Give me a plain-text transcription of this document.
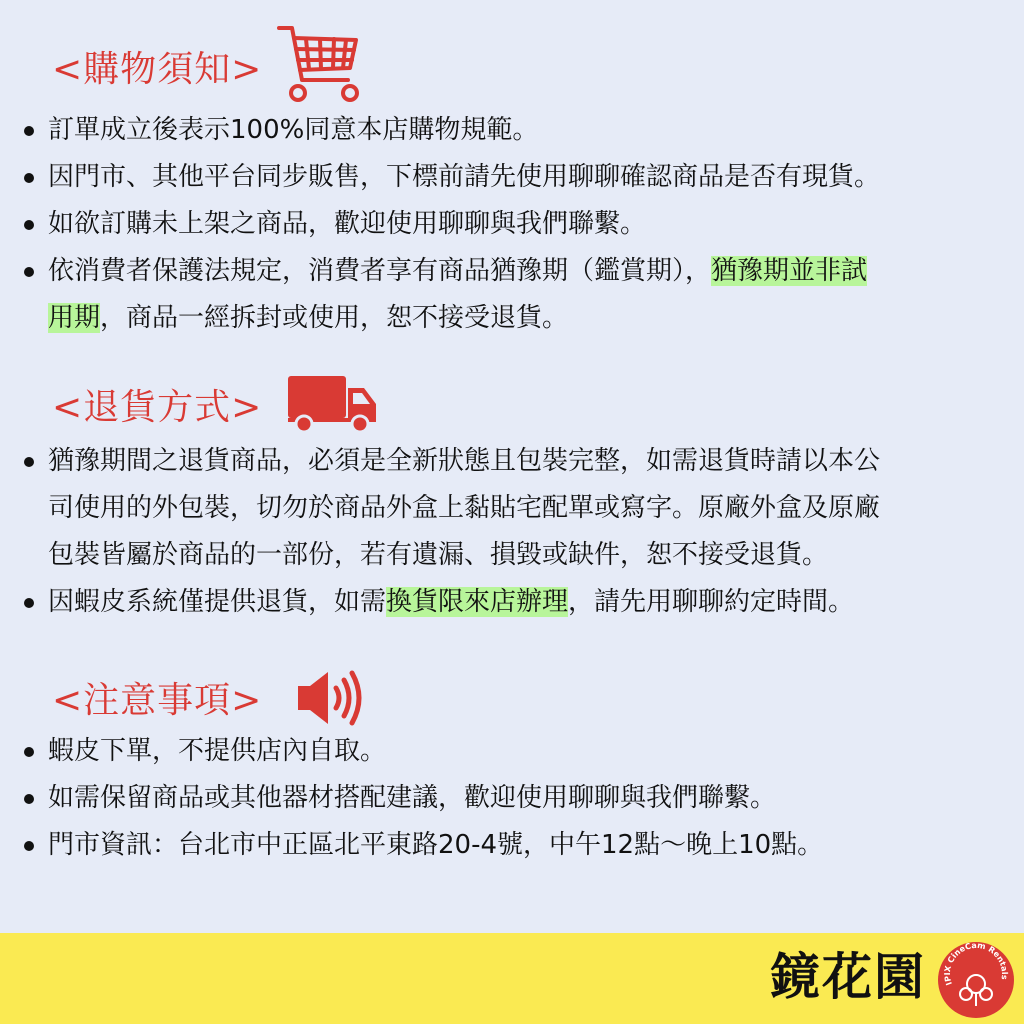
<購物須知>
訂單成立後表示100%同意本店購物規範。
因門市、其他平台同步販售，下標前請先使用聊聊確認商品是否有現貨。
如欲訂購未上架之商品，歡迎使用聊聊與我們聯繫。
依消費者保護法規定，消費者享有商品猶豫期（鑑賞期），猶豫期並非試
用期，商品一經拆封或使用，恕不接受退貨。
<退貨方式>
猶豫期間之退貨商品，必須是全新狀態且包裝完整，如需退貨時請以本公
司使用的外包裝，切勿於商品外盒上黏貼宅配單或寫字。原廠外盒及原廠
包裝皆屬於商品的一部份，若有遺漏、損毀或缺件，恕不接受退貨。
因蝦皮系統僅提供退貨，如需換貨限來店辦理，請先用聊聊約定時間。
<注意事項>
蝦皮下單，不提供店內自取。
如需保留商品或其他器材搭配建議，歡迎使用聊聊與我們聯繫。
門市資訊：台北市中正區北平東路20-4號，中午12點～晚上10點。
鏡花園 IPIX CineCam Rentals
